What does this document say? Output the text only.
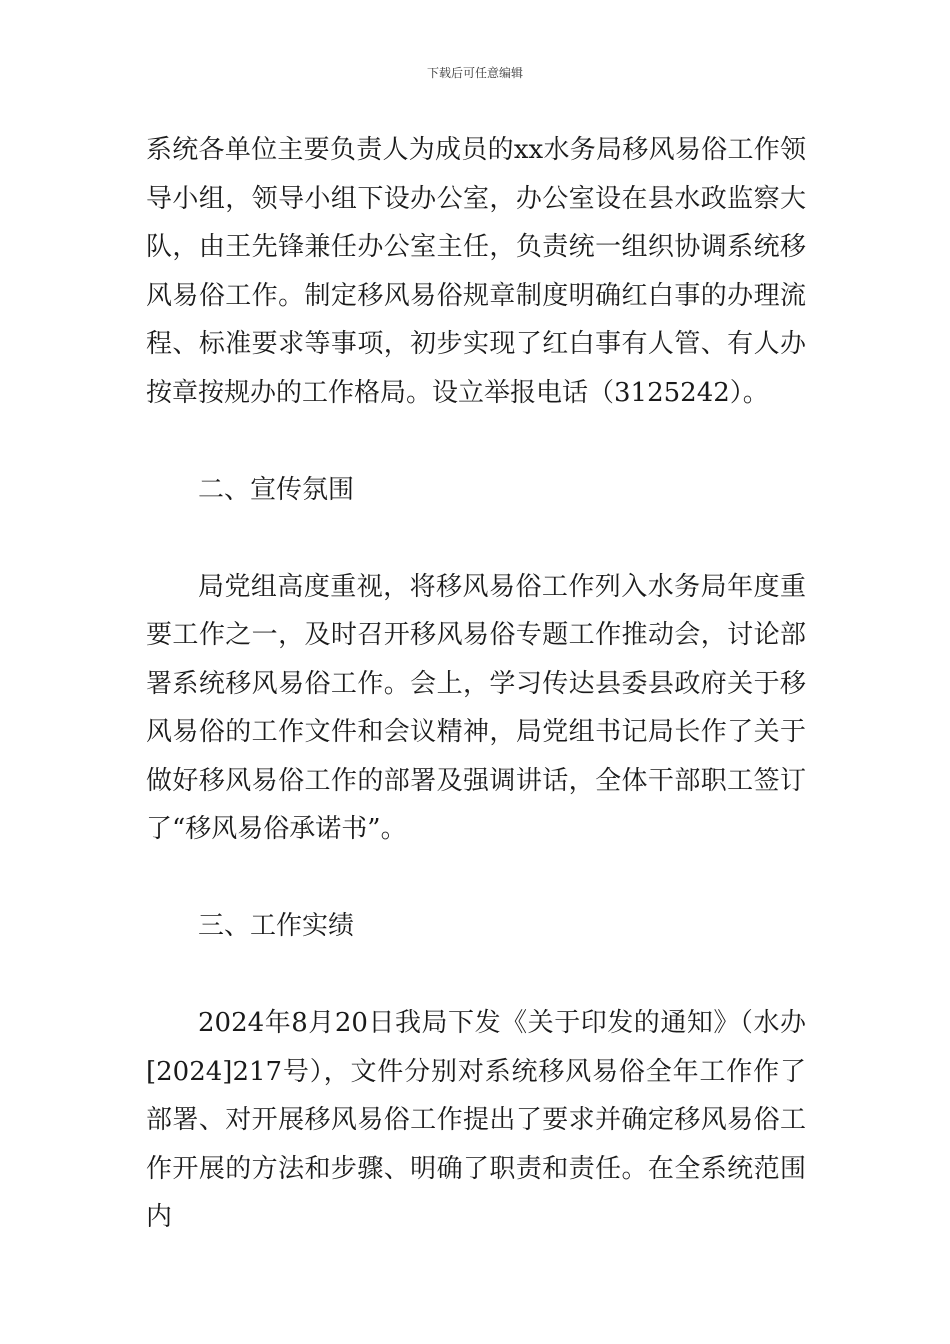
下载后可任意编辑

系统各单位主要负责人为成员的xx水务局移风易俗工作领导小组，领导小组下设办公室，办公室设在县水政监察大队，由王先锋兼任办公室主任，负责统一组织协调系统移风易俗工作。制定移风易俗规章制度明确红白事的办理流程、标准要求等事项，初步实现了红白事有人管、有人办按章按规办的工作格局。设立举报电话（3125242）。

二、宣传氛围

局党组高度重视，将移风易俗工作列入水务局年度重要工作之一，及时召开移风易俗专题工作推动会，讨论部署系统移风易俗工作。会上，学习传达县委县政府关于移风易俗的工作文件和会议精神，局党组书记局长作了关于做好移风易俗工作的部署及强调讲话，全体干部职工签订了“移风易俗承诺书”。

三、工作实绩

2024年8月20日我局下发《关于印发的通知》（水办[2024]217号），文件分别对系统移风易俗全年工作作了部署、对开展移风易俗工作提出了要求并确定移风易俗工作开展的方法和步骤、明确了职责和责任。在全系统范围内
